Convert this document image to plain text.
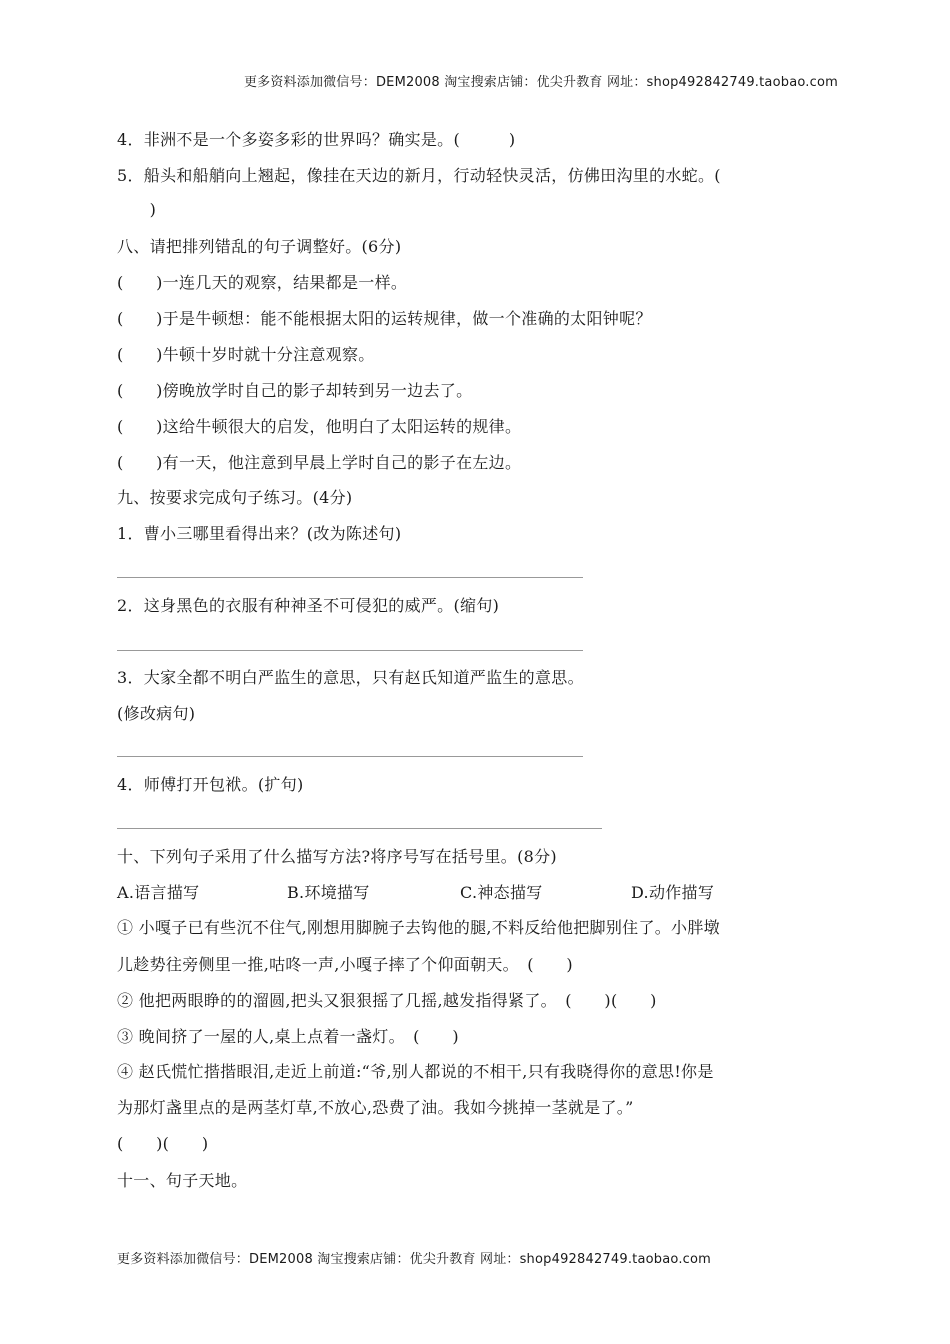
更多资料添加微信号：DEM2008 淘宝搜索店铺：优尖升教育 网址：shop492842749.taobao.com
4．非洲不是一个多姿多彩的世界吗？确实是。(　　　)
5．船头和船艄向上翘起，像挂在天边的新月，行动轻快灵活，仿佛田沟里的水蛇。(
　　)
八、请把排列错乱的句子调整好。(6分)
(　　)一连几天的观察，结果都是一样。
(　　)于是牛顿想：能不能根据太阳的运转规律，做一个准确的太阳钟呢？
(　　)牛顿十岁时就十分注意观察。
(　　)傍晚放学时自己的影子却转到另一边去了。
(　　)这给牛顿很大的启发，他明白了太阳运转的规律。
(　　)有一天，他注意到早晨上学时自己的影子在左边。
九、按要求完成句子练习。(4分)
1．曹小三哪里看得出来？(改为陈述句)
2．这身黑色的衣服有种神圣不可侵犯的威严。(缩句)
3．大家全都不明白严监生的意思，只有赵氏知道严监生的意思。
(修改病句)
4．师傅打开包袱。(扩句)
十、下列句子采用了什么描写方法?将序号写在括号里。(8分)
A.语言描写	B.环境描写	C.神态描写	D.动作描写
① 小嘎子已有些沉不住气,刚想用脚腕子去钩他的腿,不料反给他把脚别住了。小胖墩
儿趁势往旁侧里一推,咕咚一声,小嘎子摔了个仰面朝天。　(　　)
② 他把两眼睁的的溜圆,把头又狠狠摇了几摇,越发指得紧了。　(　　)(　　)
③ 晚间挤了一屋的人,桌上点着一盏灯。　(　　)
④ 赵氏慌忙揩揩眼泪,走近上前道:“爷,别人都说的不相干,只有我晓得你的意思!你是
为那灯盏里点的是两茎灯草,不放心,恐费了油。我如今挑掉一茎就是了。”
(　　)(　　)
十一、句子天地。
更多资料添加微信号：DEM2008 淘宝搜索店铺：优尖升教育 网址：shop492842749.taobao.com
